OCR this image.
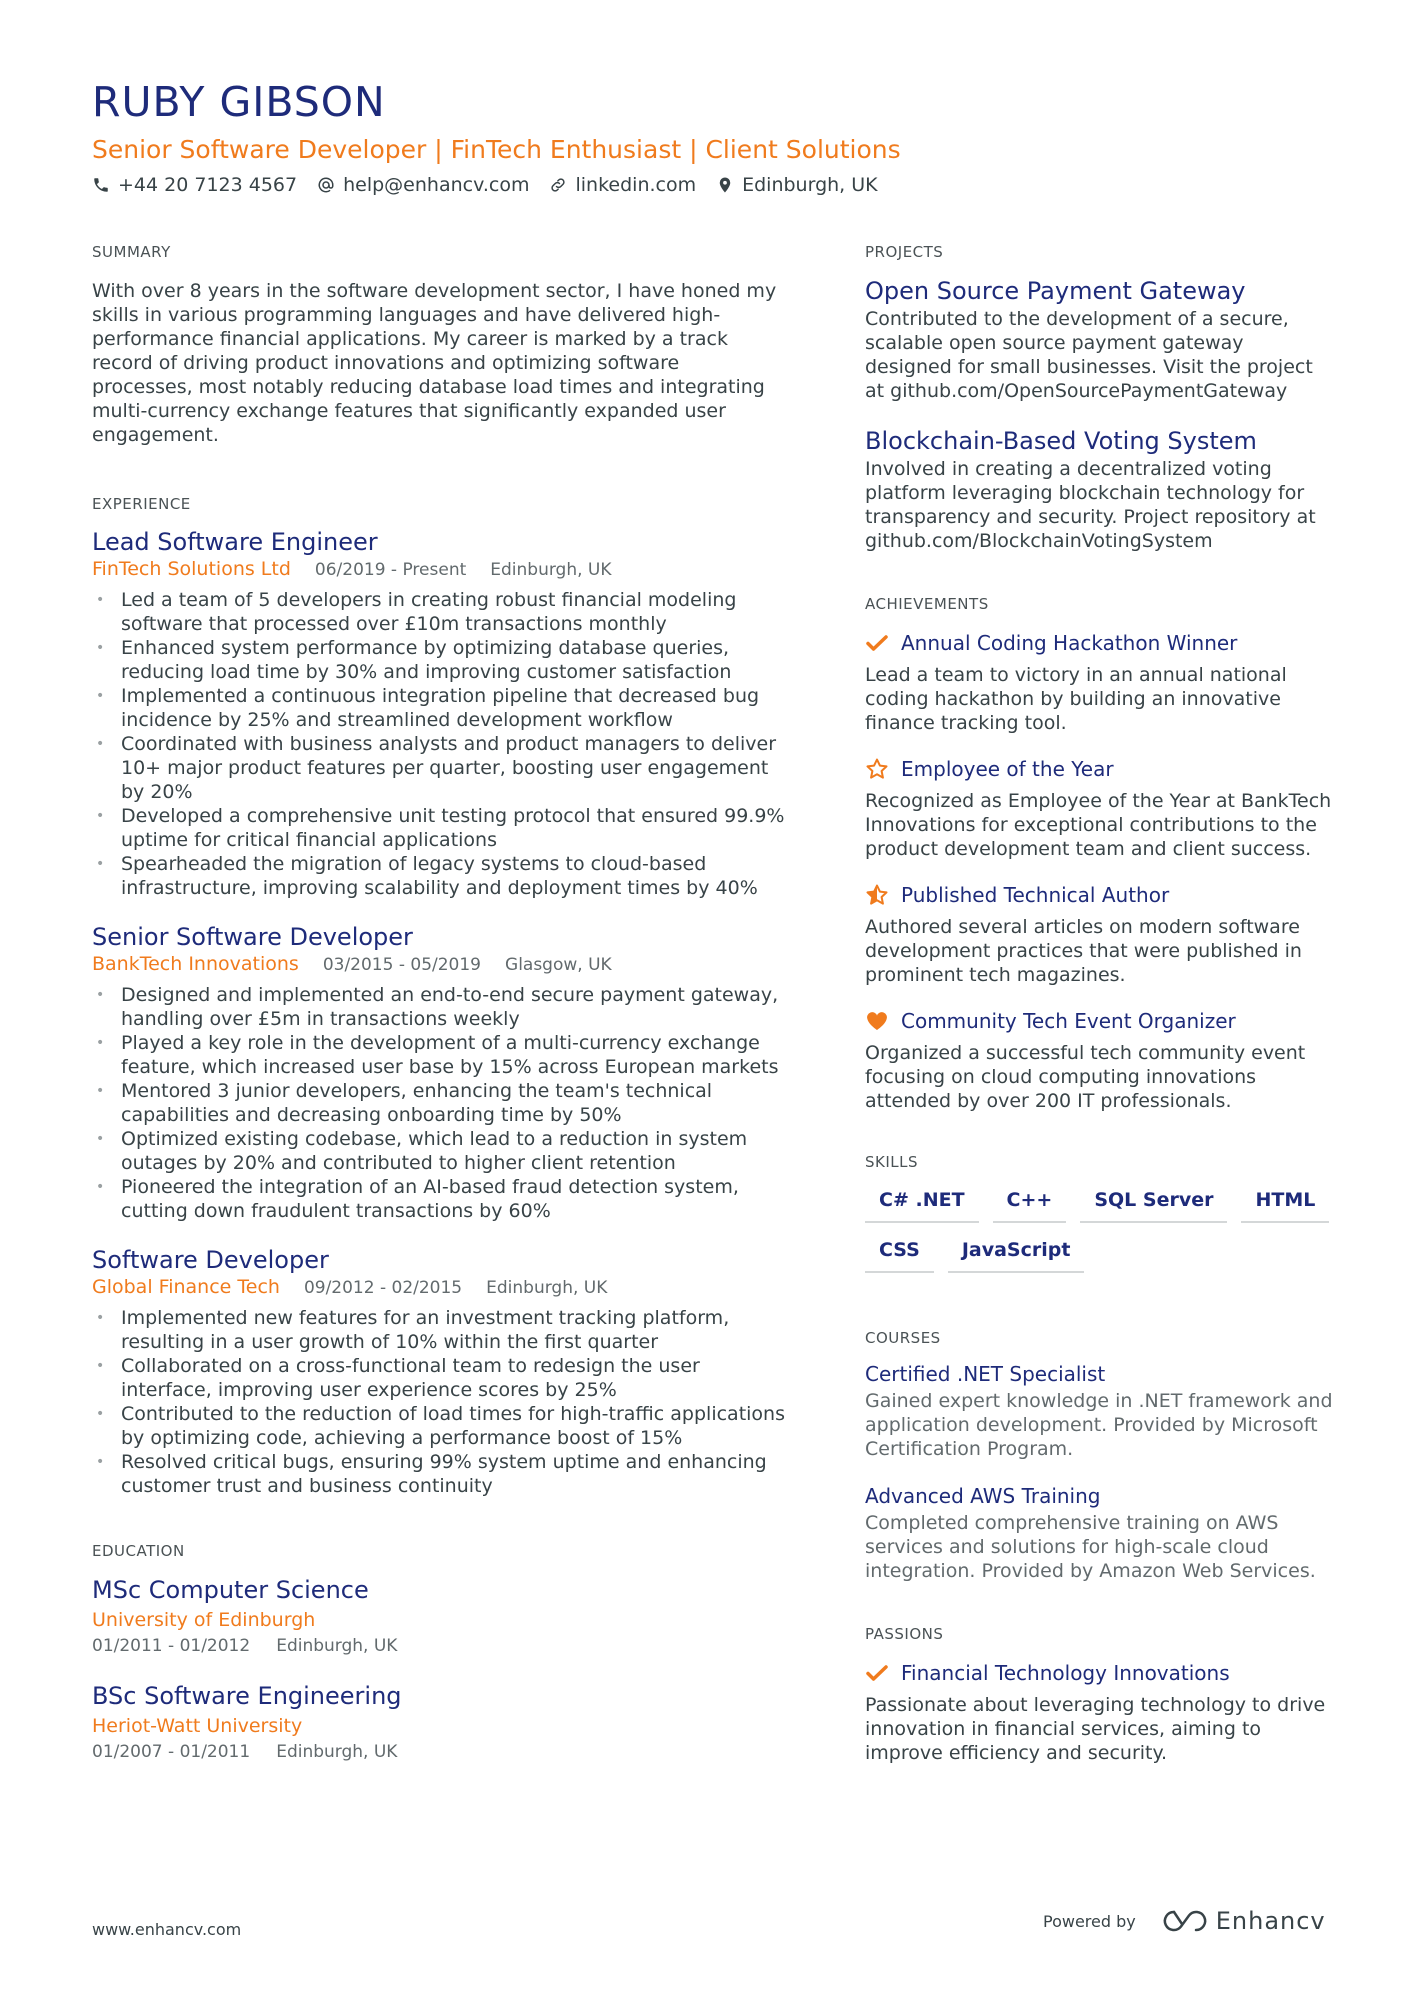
RUBY GIBSON
Senior Software Developer | FinTech Enthusiast | Client Solutions
+44 20 7123 4567 help@enhancv.com linkedin.com Edinburgh, UK
SUMMARY

With over 8 years in the software development sector, I have honed my skills in various programming languages and have delivered high-performance financial applications. My career is marked by a track record of driving product innovations and optimizing software processes, most notably reducing database load times and integrating multi-currency exchange features that significantly expanded user engagement.

EXPERIENCE
Lead Software Engineer
FinTech Solutions Ltd 06/2019 - Present Edinburgh, UK
• Led a team of 5 developers in creating robust financial modeling software that processed over £10m transactions monthly
• Enhanced system performance by optimizing database queries, reducing load time by 30% and improving customer satisfaction
• Implemented a continuous integration pipeline that decreased bug incidence by 25% and streamlined development workflow
• Coordinated with business analysts and product managers to deliver 10+ major product features per quarter, boosting user engagement by 20%
• Developed a comprehensive unit testing protocol that ensured 99.9% uptime for critical financial applications
• Spearheaded the migration of legacy systems to cloud-based infrastructure, improving scalability and deployment times by 40%
Senior Software Developer
BankTech Innovations 03/2015 - 05/2019 Glasgow, UK
• Designed and implemented an end-to-end secure payment gateway, handling over £5m in transactions weekly
• Played a key role in the development of a multi-currency exchange feature, which increased user base by 15% across European markets
• Mentored 3 junior developers, enhancing the team's technical capabilities and decreasing onboarding time by 50%
• Optimized existing codebase, which lead to a reduction in system outages by 20% and contributed to higher client retention
• Pioneered the integration of an AI-based fraud detection system, cutting down fraudulent transactions by 60%
Software Developer
Global Finance Tech 09/2012 - 02/2015 Edinburgh, UK
• Implemented new features for an investment tracking platform, resulting in a user growth of 10% within the first quarter
• Collaborated on a cross-functional team to redesign the user interface, improving user experience scores by 25%
• Contributed to the reduction of load times for high-traffic applications by optimizing code, achieving a performance boost of 15%
• Resolved critical bugs, ensuring 99% system uptime and enhancing customer trust and business continuity
EDUCATION
MSc Computer Science
University of Edinburgh
01/2011 - 01/2012 Edinburgh, UK
BSc Software Engineering
Heriot-Watt University
01/2007 - 01/2011 Edinburgh, UK
PROJECTS
Open Source Payment Gateway

Contributed to the development of a secure, scalable open source payment gateway designed for small businesses. Visit the project at github.com/OpenSourcePaymentGateway

Blockchain-Based Voting System

Involved in creating a decentralized voting platform leveraging blockchain technology for transparency and security. Project repository at github.com/BlockchainVotingSystem

ACHIEVEMENTS
Annual Coding Hackathon Winner

Lead a team to victory in an annual national coding hackathon by building an innovative finance tracking tool.

Employee of the Year

Recognized as Employee of the Year at BankTech Innovations for exceptional contributions to the product development team and client success.

Published Technical Author

Authored several articles on modern software development practices that were published in prominent tech magazines.

Community Tech Event Organizer

Organized a successful tech community event focusing on cloud computing innovations attended by over 200 IT professionals.

SKILLS
C# .NET	C++	SQL Server	HTML
CSS	JavaScript
COURSES
Certified .NET Specialist

Gained expert knowledge in .NET framework and application development. Provided by Microsoft Certification Program.

Advanced AWS Training

Completed comprehensive training on AWS services and solutions for high-scale cloud integration. Provided by Amazon Web Services.

PASSIONS
Financial Technology Innovations

Passionate about leveraging technology to drive innovation in financial services, aiming to improve efficiency and security.

www.enhancv.com	Powered by	Enhancv
